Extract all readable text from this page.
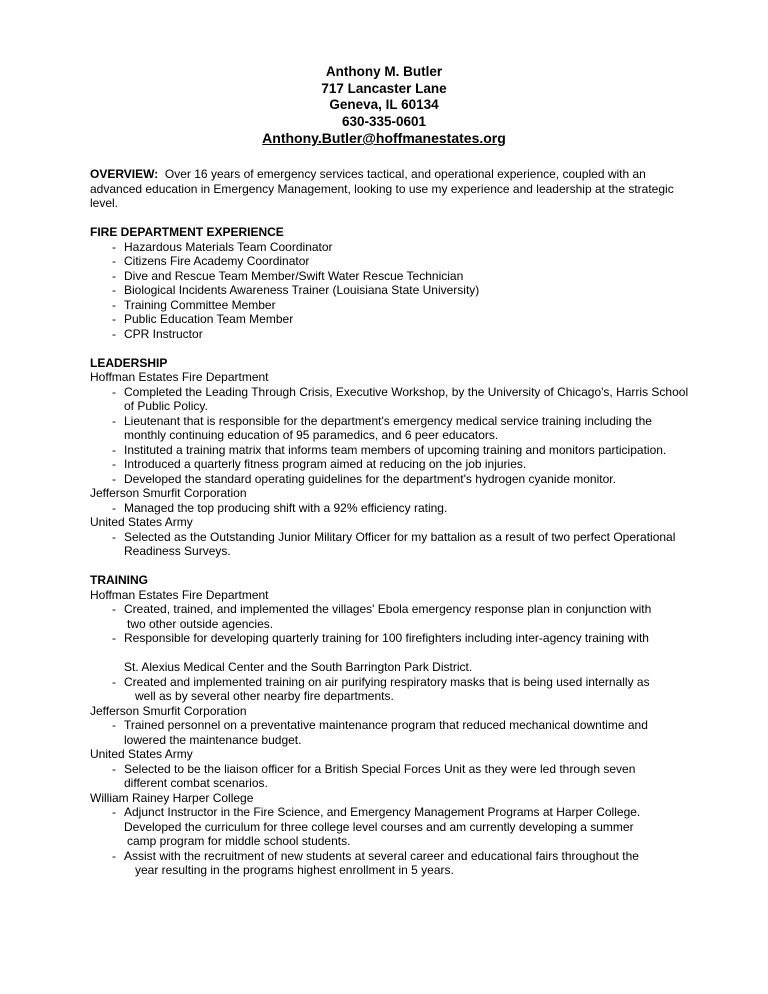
Anthony M. Butler
717 Lancaster Lane
Geneva, IL 60134
630-335-0601
Anthony.Butler@hoffmanestates.org

OVERVIEW: Over 16 years of emergency services tactical, and operational experience, coupled with an advanced education in Emergency Management, looking to use my experience and leadership at the strategic level.

FIRE DEPARTMENT EXPERIENCE
- Hazardous Materials Team Coordinator
- Citizens Fire Academy Coordinator
- Dive and Rescue Team Member/Swift Water Rescue Technician
- Biological Incidents Awareness Trainer (Louisiana State University)
- Training Committee Member
- Public Education Team Member
- CPR Instructor
LEADERSHIP
Hoffman Estates Fire Department
- Completed the Leading Through Crisis, Executive Workshop, by the University of Chicago's, Harris School of Public Policy.
- Lieutenant that is responsible for the department's emergency medical service training including the monthly continuing education of 95 paramedics, and 6 peer educators.
- Instituted a training matrix that informs team members of upcoming training and monitors participation.
- Introduced a quarterly fitness program aimed at reducing on the job injuries.
- Developed the standard operating guidelines for the department's hydrogen cyanide monitor.
Jefferson Smurfit Corporation
- Managed the top producing shift with a 92% efficiency rating.
United States Army
- Selected as the Outstanding Junior Military Officer for my battalion as a result of two perfect Operational Readiness Surveys.
TRAINING
Hoffman Estates Fire Department
- Created, trained, and implemented the villages' Ebola emergency response plan in conjunction with
two other outside agencies.
- Responsible for developing quarterly training for 100 firefighters including inter-agency training with
St. Alexius Medical Center and the South Barrington Park District.
- Created and implemented training on air purifying respiratory masks that is being used internally as
well as by several other nearby fire departments.
Jefferson Smurfit Corporation
- Trained personnel on a preventative maintenance program that reduced mechanical downtime and
lowered the maintenance budget.
United States Army
- Selected to be the liaison officer for a British Special Forces Unit as they were led through seven
different combat scenarios.
William Rainey Harper College
- Adjunct Instructor in the Fire Science, and Emergency Management Programs at Harper College.
Developed the curriculum for three college level courses and am currently developing a summer
camp program for middle school students.
- Assist with the recruitment of new students at several career and educational fairs throughout the
year resulting in the programs highest enrollment in 5 years.
